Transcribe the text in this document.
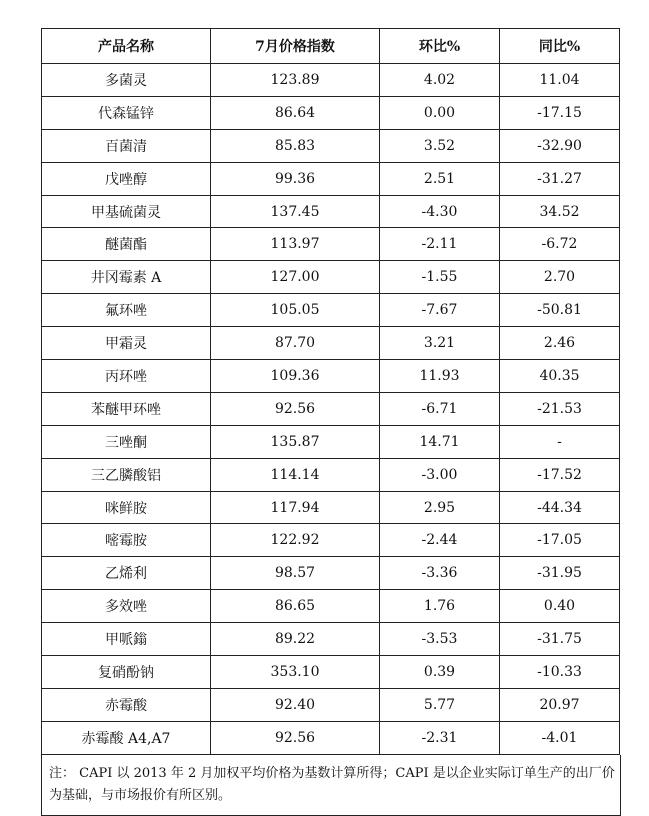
产品名称	7月价格指数	环比%	同比%
多菌灵	123.89	4.02	11.04
代森锰锌	86.64	0.00	-17.15
百菌清	85.83	3.52	-32.90
戊唑醇	99.36	2.51	-31.27
甲基硫菌灵	137.45	-4.30	34.52
醚菌酯	113.97	-2.11	-6.72
井冈霉素 A	127.00	-1.55	2.70
氟环唑	105.05	-7.67	-50.81
甲霜灵	87.70	3.21	2.46
丙环唑	109.36	11.93	40.35
苯醚甲环唑	92.56	-6.71	-21.53
三唑酮	135.87	14.71	-
三乙膦酸铝	114.14	-3.00	-17.52
咪鲜胺	117.94	2.95	-44.34
嘧霉胺	122.92	-2.44	-17.05
乙烯利	98.57	-3.36	-31.95
多效唑	86.65	1.76	0.40
甲哌鎓	89.22	-3.53	-31.75
复硝酚钠	353.10	0.39	-10.33
赤霉酸	92.40	5.77	20.97
赤霉酸 A4,A7	92.56	-2.31	-4.01
注： CAPI 以 2013 年 2 月加权平均价格为基数计算所得；CAPI 是以企业实际订单生产的出厂价为基础，与市场报价有所区别。
